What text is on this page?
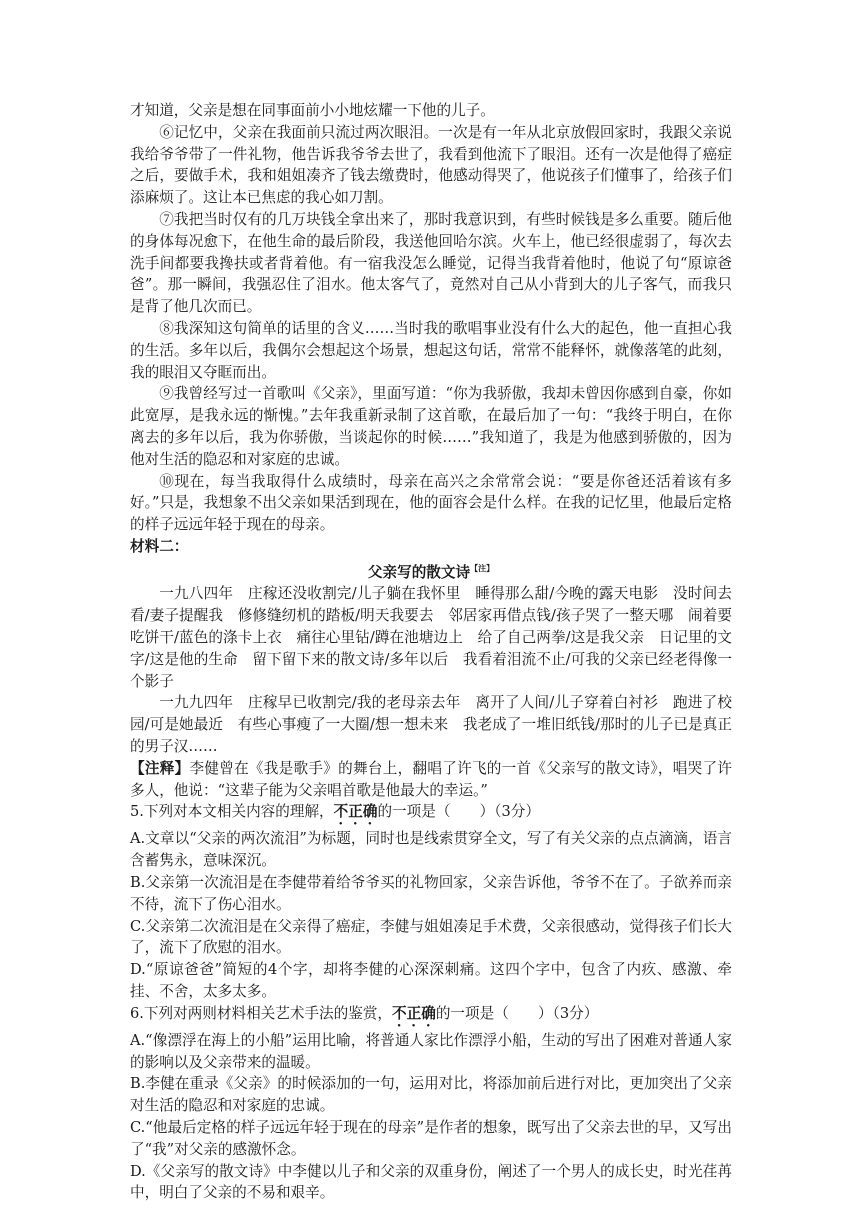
才知道，父亲是想在同事面前小小地炫耀一下他的儿子。

⑥记忆中，父亲在我面前只流过两次眼泪。一次是有一年从北京放假回家时，我跟父亲说我给爷爷带了一件礼物，他告诉我爷爷去世了，我看到他流下了眼泪。还有一次是他得了癌症之后，要做手术，我和姐姐凑齐了钱去缴费时，他感动得哭了，他说孩子们懂事了，给孩子们添麻烦了。这让本已焦虑的我心如刀割。

⑦我把当时仅有的几万块钱全拿出来了，那时我意识到，有些时候钱是多么重要。随后他的身体每况愈下，在他生命的最后阶段，我送他回哈尔滨。火车上，他已经很虚弱了，每次去洗手间都要我搀扶或者背着他。有一宿我没怎么睡觉，记得当我背着他时，他说了句“原谅爸爸”。那一瞬间，我强忍住了泪水。他太客气了，竟然对自己从小背到大的儿子客气，而我只是背了他几次而已。

⑧我深知这句简单的话里的含义……当时我的歌唱事业没有什么大的起色，他一直担心我的生活。多年以后，我偶尔会想起这个场景，想起这句话，常常不能释怀，就像落笔的此刻，我的眼泪又夺眶而出。

⑨我曾经写过一首歌叫《父亲》，里面写道：“你为我骄傲，我却未曾因你感到自豪，你如此宽厚，是我永远的惭愧。”去年我重新录制了这首歌，在最后加了一句：“我终于明白，在你离去的多年以后，我为你骄傲，当谈起你的时候……”我知道了，我是为他感到骄傲的，因为他对生活的隐忍和对家庭的忠诚。

⑩现在，每当我取得什么成绩时，母亲在高兴之余常常会说：“要是你爸还活着该有多好。”只是，我想象不出父亲如果活到现在，他的面容会是什么样。在我的记忆里，他最后定格的样子远远年轻于现在的母亲。

材料二：

父亲写的散文诗$^{【注】}$

一九八四年　庄稼还没收割完/儿子躺在我怀里　睡得那么甜/今晚的露天电影　没时间去看/妻子提醒我　修修缝纫机的踏板/明天我要去　邻居家再借点钱/孩子哭了一整天哪　闹着要吃饼干/蓝色的涤卡上衣　痛往心里钻/蹲在池塘边上　给了自己两拳/这是我父亲　日记里的文字/这是他的生命　留下留下来的散文诗/多年以后　我看着泪流不止/可我的父亲已经老得像一个影子

一九九四年　庄稼早已收割完/我的老母亲去年　离开了人间/儿子穿着白衬衫　跑进了校园/可是她最近　有些心事瘦了一大圈/想一想未来　我老成了一堆旧纸钱/那时的儿子已是真正的男子汉……

【注释】李健曾在《我是歌手》的舞台上，翻唱了许飞的一首《父亲写的散文诗》，唱哭了许多人，他说：“这辈子能为父亲唱首歌是他最大的幸运。”

5.下列对本文相关内容的理解，不正确的一项是（　　）（3分）

A.文章以“父亲的两次流泪”为标题，同时也是线索贯穿全文，写了有关父亲的点点滴滴，语言含蓄隽永，意味深沉。

B.父亲第一次流泪是在李健带着给爷爷买的礼物回家，父亲告诉他，爷爷不在了。子欲养而亲不待，流下了伤心泪水。

C.父亲第二次流泪是在父亲得了癌症，李健与姐姐凑足手术费，父亲很感动，觉得孩子们长大了，流下了欣慰的泪水。

D.“原谅爸爸”简短的4个字，却将李健的心深深刺痛。这四个字中，包含了内疚、感激、牵挂、不舍，太多太多。

6.下列对两则材料相关艺术手法的鉴赏，不正确的一项是（　　）（3分）

A.“像漂浮在海上的小船”运用比喻，将普通人家比作漂浮小船，生动的写出了困难对普通人家的影响以及父亲带来的温暖。

B.李健在重录《父亲》的时候添加的一句，运用对比，将添加前后进行对比，更加突出了父亲对生活的隐忍和对家庭的忠诚。

C.“他最后定格的样子远远年轻于现在的母亲”是作者的想象，既写出了父亲去世的早，又写出了“我”对父亲的感激怀念。

D.《父亲写的散文诗》中李健以儿子和父亲的双重身份，阐述了一个男人的成长史，时光荏苒中，明白了父亲的不易和艰辛。
